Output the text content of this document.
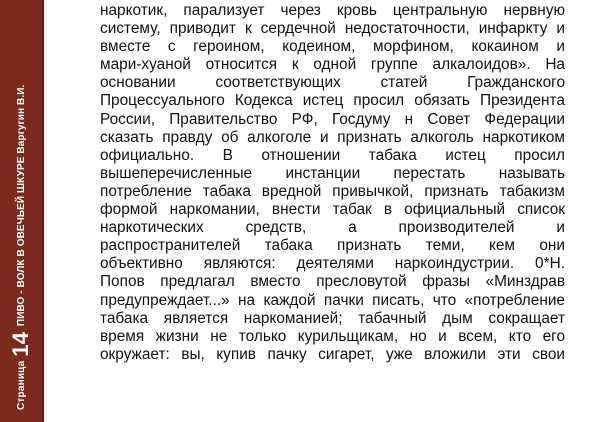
Страница
14
ПИВО - ВОЛК В ОВЕЧЬЕЙ ШКУРЕ Варгугин В.И.
наркотик, парализует через кровь центральную нервную
систему, приводит к сердечной недостаточности, инфаркту и
вместе с героином, кодеином, морфином, кокаином и
мари-хуаной относится к одной группе алкалоидов». На
основании соответствующих статей Гражданского
Процессуального Кодекса истец просил обязать Президента
России, Правительство РФ, Госдуму н Совет Федерации
сказать правду об алкоголе и признать алкоголь наркотиком
официально. В отношении табака истец просил
вышеперечисленные инстанции перестать называть
потребление табака вредной привычкой, признать табакизм
формой наркомании, внести табак в официальный список
наркотических средств, а производителей и
распространителей табака признать теми, кем они
объективно являются: деятелями наркоиндустрии. 0*Н.
Попов предлагал вместо пресловутой фразы «Минздрав
предупреждает...» на каждой пачки писать, что «потребление
табака является наркоманией; табачный дым сокращает
время жизни не только курильщикам, но и всем, кто его
окружает: вы, купив пачку сигарет, уже вложили эти свои
